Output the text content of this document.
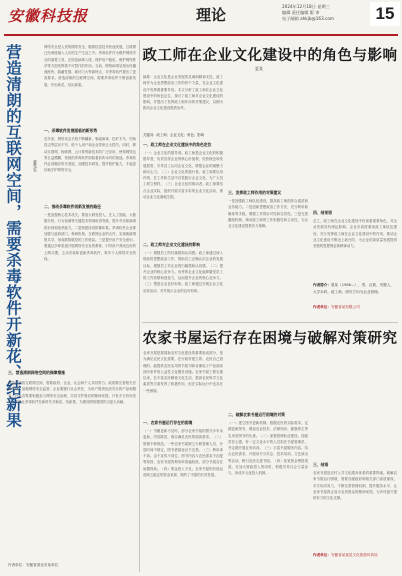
安徽科技报	理论	2024年12月18日 星期三
编辑 责任编辑 版 审
电子邮箱 ahkjb@163.com	15
营造清朗的互联网空间，需要杀毒软件开新花、结新果	夏先生
网络安全是人民的网络安全，随着信息技术快速发展，互联网已经深度融入人们的生产生活之中。杀毒软件作为维护网络安全的重要工具，在防范病毒入侵、保护用户隐私、维护网络秩序等方面发挥着不可替代的作用。当前，网络病毒呈现出传播速度快、隐蔽性强、破坏力大等新特点，对杀毒软件提出了更高要求。营造清朗的互联网空间，需要杀毒软件不断创新发展，开出新花、结出新果。
一、杀毒软件发展面临的新形势
近年来，网络攻击手段不断翻新，勒索病毒、挖矿木马、钓鱼攻击等层出不穷，给个人用户和企业带来巨大损失。同时，移动互联网、物联网、云计算等新技术的广泛应用，使得网络边界日益模糊，传统的杀毒软件面临着前所未有的挑战。杀毒软件必须顺应时代发展，加强技术研发，提升防护能力，才能更好地守护网络安全。
二、推动杀毒软件创新发展的路径
一是加强核心技术攻关。要加大研发投入，在人工智能、大数据分析、行为检测等关键技术领域取得突破，提升对未知病毒的识别和查杀能力。二是构建协同防御体系。杀毒软件企业要加强与政府部门、科研机构、互联网企业的合作，实现威胁情报共享，形成联防联控的工作格局。三是提升用户安全意识。要通过多种渠道开展网络安全宣传教育，引导用户养成良好的上网习惯，主动安装和更新杀毒软件，筑牢个人网络安全防线。
三、营造清朗网络空间的保障措施
营造清朗的互联网空间，需要政府、企业、社会和个人共同努力。政府要完善相关法律法规，加强网络安全监管；企业要履行社会责任，为用户提供优质安全的产品和服务；社会各界要积极参与网络安全治理，共同守护我们的精神家园。只有多方协同发力，才能让杀毒软件在新时代开新花、结新果，为建设网络强国作出更大贡献。
作者单位：安徽省淮北市某单位
政工师在企业文化建设中的角色与影响
夏某
摘要：企业文化是企业发展的灵魂和精神支柱，政工师作为企业思想政治工作的骨干力量，在企业文化建设中发挥着重要作用。本文分析了政工师在企业文化建设中的角色定位，探讨了政工师对企业文化建设的影响，并提出了发挥政工师作用的对策建议，以期为推动企业文化建设提供参考。
关键词：政工师；企业文化；角色；影响
一、政工师在企业文化建设中的角色定位
（一）企业文化的倡导者。政工师是企业文化的积极倡导者，负责宣传企业的核心价值观、经营理念和发展愿景，引导员工认同企业文化，增强企业的凝聚力和向心力。（二）企业文化的践行者。政工师要以身作则，在工作和生活中自觉践行企业文化，为广大员工树立榜样。（三）企业文化的推动者。政工师要结合企业实际，组织开展丰富多彩的企业文化活动，推动企业文化落地生根。
二、政工师对企业文化建设的影响
（一）增强员工的归属感和认同感。政工师通过深入细致的思想政治工作，帮助员工正确认识企业的发展目标，增强员工对企业的归属感和认同感。（二）提升企业的核心竞争力。优秀的企业文化能够激发员工的工作热情和创造力，从而提升企业的核心竞争力。（三）塑造企业良好形象。政工师通过开展企业文化宣传活动，对外展示企业的良好形象。
三、发挥政工师作用的对策建议
一是加强政工师队伍建设，提高政工师的综合素质和业务能力。二是创新思想政治工作方法，充分利用新媒体等手段，增强工作的针对性和实效性。三是完善激励机制，调动政工师的工作积极性和主动性，为企业文化建设提供有力保障。
四、结束语
总之，政工师在企业文化建设中扮演着重要角色，对企业发展具有深远影响。企业应高度重视政工师队伍建设，充分发挥政工师在企业文化建设中的作用，推动企业文化建设不断迈上新台阶，为企业的高质量发展提供坚强的思想保证和精神动力。
作者简介：夏某（1986—），男，汉族，安徽人，大学本科，政工师，研究方向为企业管理。
作者单位：安徽省某有限公司
农家书屋运行存在困境与破解对策研究
农家书屋是我国新农村文化建设的重要组成部分，是为满足农民文化需要，在行政村建立的、农民自己管理的、能提供农民实用的书报刊和音像电子产品阅读视听条件的公益性文化服务设施。农家书屋工程实施以来，在丰富农民精神文化生活、提高农民科学文化素质等方面发挥了积极作用，但在实际运行中也存在一些困境。
一、农家书屋运行存在的困境
（一）书籍更新不及时。部分农家书屋的图书多年未更新，内容陈旧，难以满足农民的阅读需求。（二）管理不够规范。一些农家书屋缺乏专职管理人员，开放时间不固定，图书借阅登记不完善。（三）利用率不高。由于宣传不到位、图书内容与农民需求不匹配等原因，农家书屋的利用率普遍较低，部分书屋存在闲置现象。（四）资金投入不足。农家书屋的后续运营缺乏稳定的资金来源，制约了书屋的长效发展。
二、破解农家书屋运行困境的对策
（一）建立图书更新机制。根据农民的实际需求，定期更新图书，增加农业技术、法律知识、健康养生等实用类图书的比重。（二）加强管理队伍建设。选配责任心强、有一定文化水平的人员担任书屋管理员，并定期开展业务培训。（三）丰富书屋服务内容。结合农民需求，开展读书分享会、技术培训、文艺演出等活动，吸引农民走进书屋。（四）拓宽资金筹措渠道。在加大财政投入的同时，积极引导社会力量参与，形成多元化投入机制。
三、结语
农家书屋是农村公共文化服务体系的重要阵地。破解农家书屋运行困境，需要各级政府和相关部门高度重视，多方协同发力，不断完善管理机制，提升服务水平，让农家书屋真正成为农民群众的精神家园，为乡村振兴提供有力的文化支撑。
作者单位：安徽省某某县文化旅游体育局
